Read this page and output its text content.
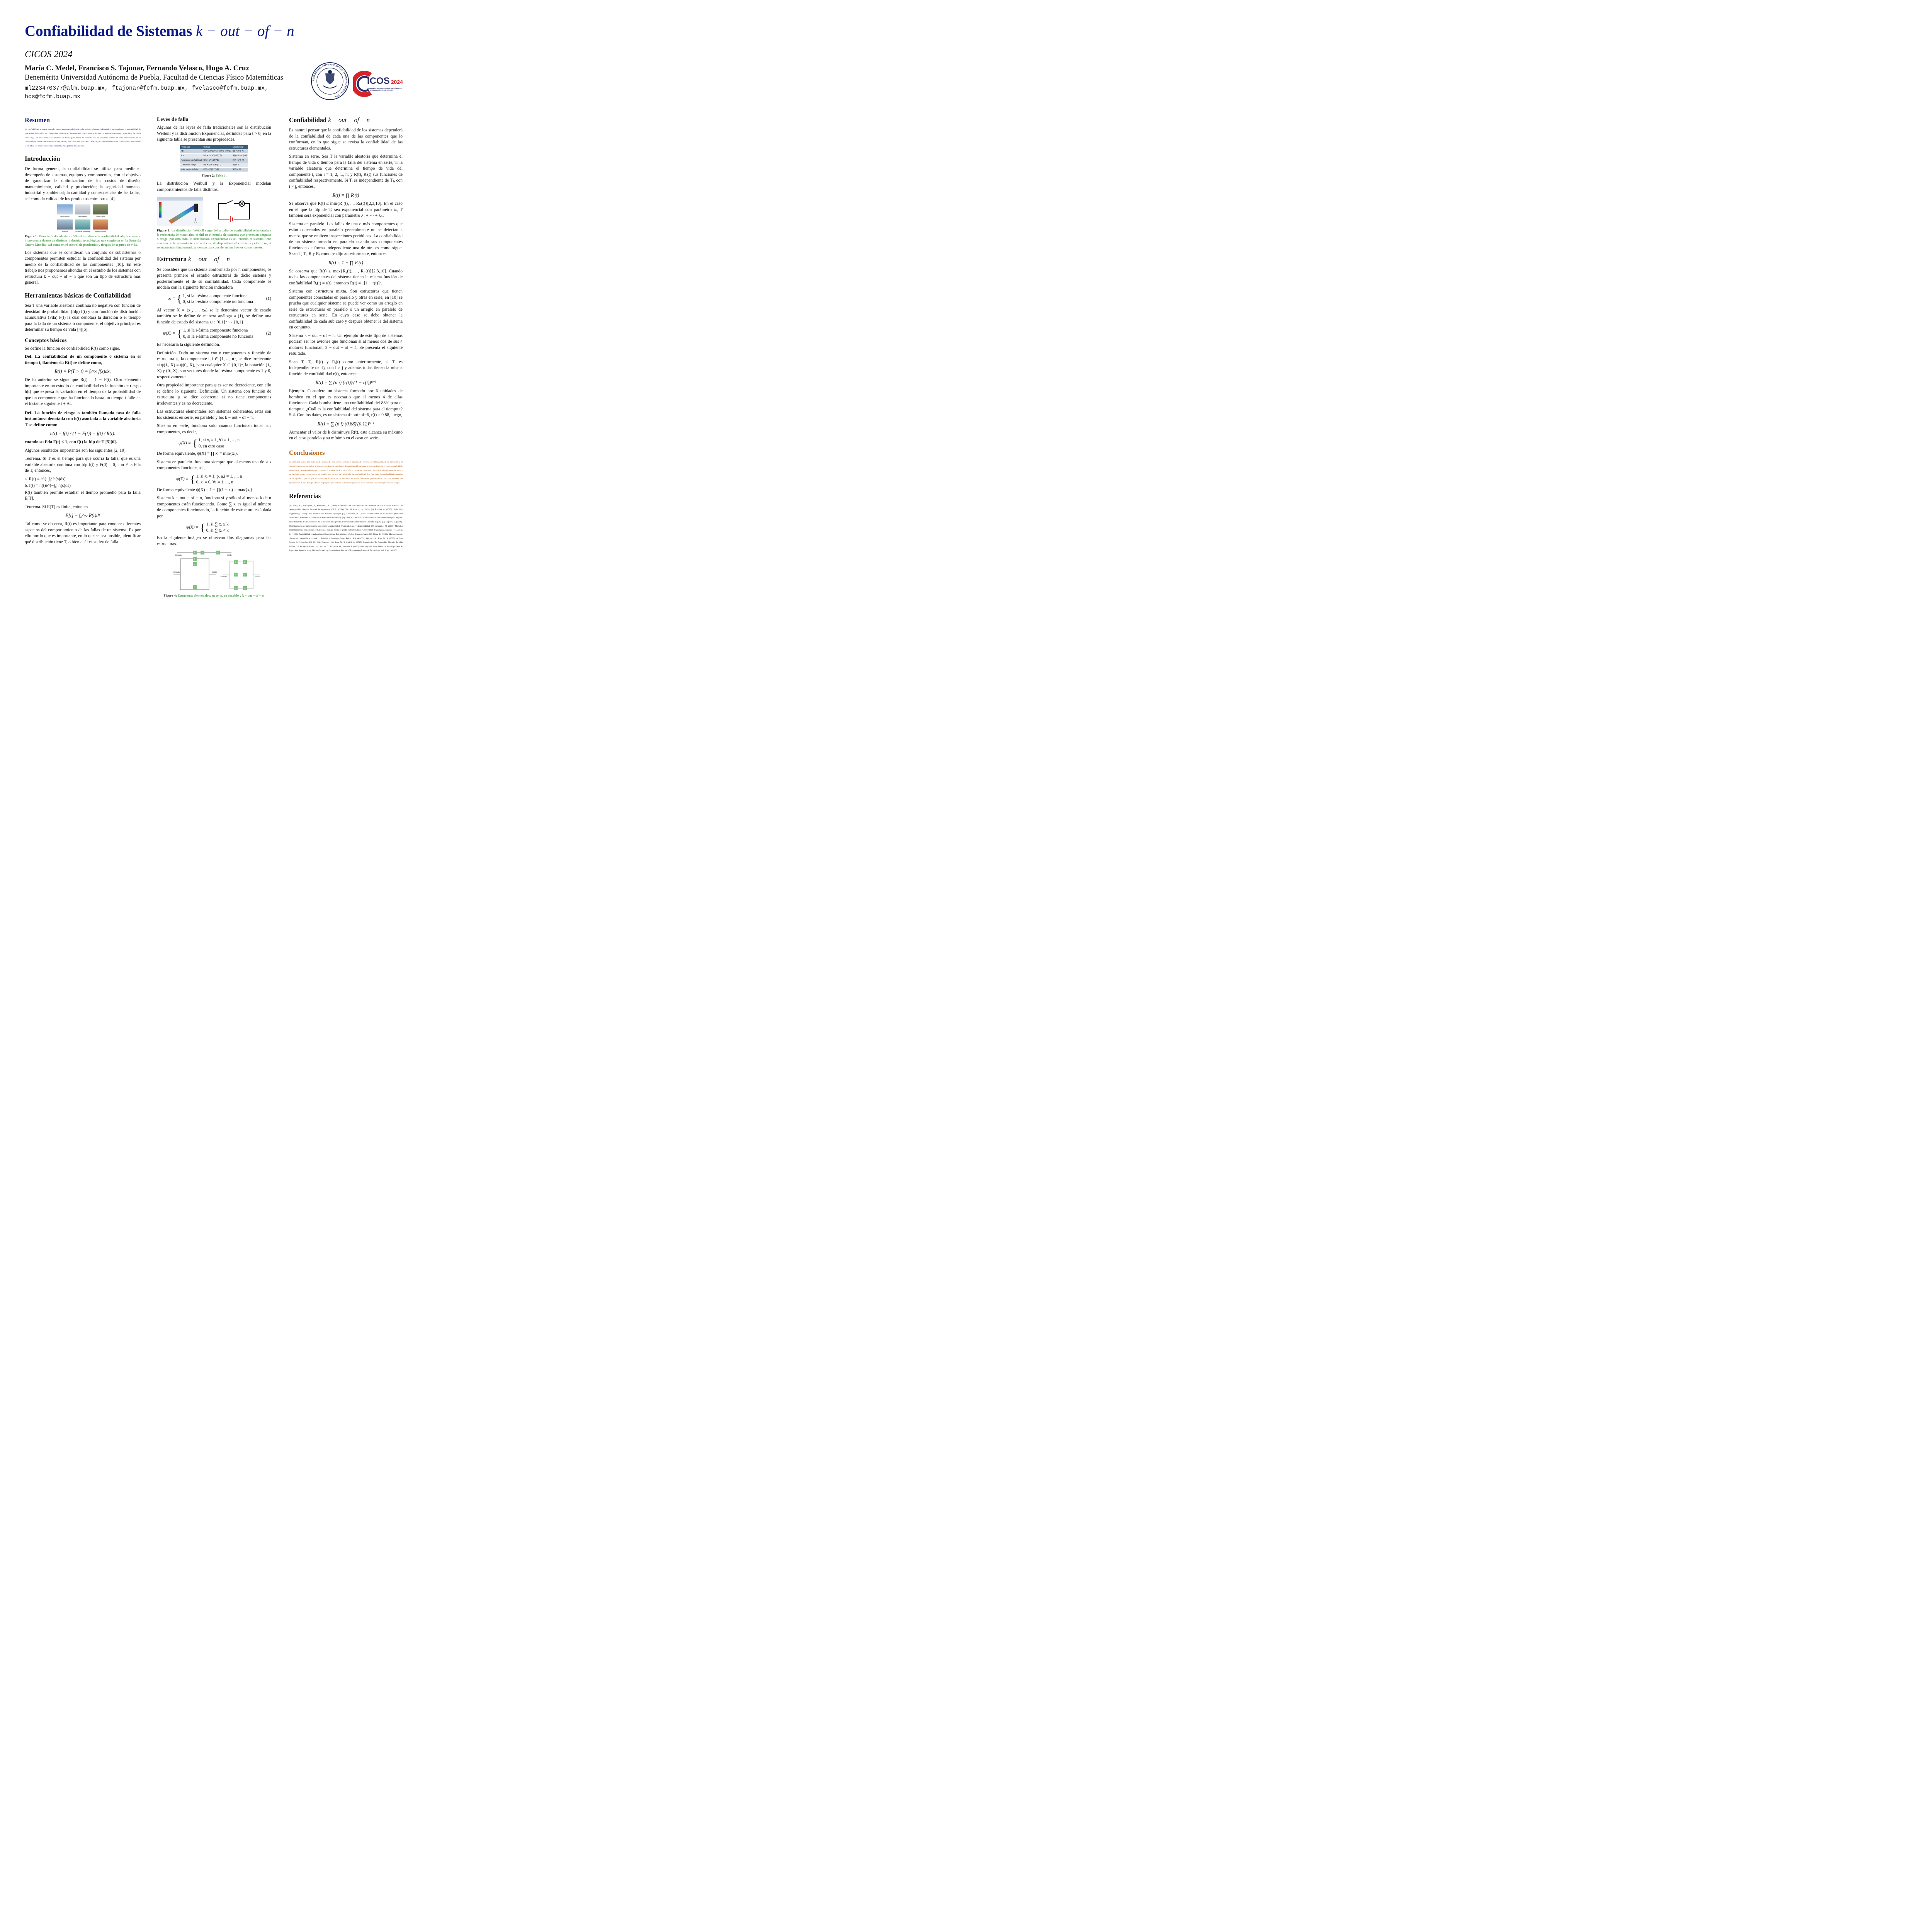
Confiabilidad de Sistemas k − out − of − n
CICOS 2024
María C. Medel, Francisco S. Tajonar, Fernando Velasco, Hugo A. Cruz
Benemérita Universidad Autónoma de Puebla, Facultad de Ciencias Físico Matemáticas
ml223470377@alm.buap.mx, ftajonar@fcfm.buap.mx, fvelasco@fcfm.buap.mx,
hcs@fcfm.buap.mx
BENEMÉRITA UNIVERSIDAD AUTÓNOMA DE PUEBLA · 1578
ICOS 2024
CONGRESO INTERNACIONAL DE CÓMPUTO
EN OPTIMIZACIÓN Y SOFTWARE
Resumen
La confiabilidad se puede entender como una característica de todo artículo, sistema o dispositivo, expresada por la probabilidad de que realice la función para la que fue diseñado en determinadas condiciones y durante un intervalo de tiempo específico, denotada como R(t). En este trabajo se estudiará la forma para medir la confiabilidad de sistemas cuando se tiene información de la confiabilidad de sus subsistemas o componentes, y se conoce su estructura. Además, se realiza el estudio de confiabilidad de sistemas k-out-of-n, los cuales poseen una estructura más general de conexión.
Introducción

De forma general, la confiabilidad se utiliza para medir el desempeño de sistemas, equipos y componentes, con el objetivo de garantizar la optimización de los costos de diseño, mantenimiento, calidad y producción; la seguridad humana, industrial y ambiental; la cantidad y consecuencias de las fallas; así como la calidad de los productos entre otros [4].

Aeroespacial	Aeronáutica	Equipo militar
Energía	Control de pandemias	Seguros de vida
Figure 1: Durante la década de los 50's el estudio de la confiabilidad adquirió mayor importancia dentro de distintas industrias tecnológicas que surgieron en la Segunda Guerra Mundial, así como en el control de pandemias y riesgos de seguros de vida.

Los sistemas que se consideran un conjunto de subsistemas o componentes permiten estudiar la confiabilidad del sistema por medio de la confiabilidad de las componentes [10]. En este trabajo nos proponemos ahondar en el estudio de los sistemas con estructura k − out − of − n que son un tipo de estructura más general.

Herramientas básicas de Confiabilidad

Sea T una variable aleatoria continua no negativa con función de densidad de probabilidad (fdp) f(t) y con función de distribución acumulativa (Fda) F(t) la cual denotará la duración o el tiempo para la falla de un sistema o componente, el objetivo principal es determinar su tiempo de vida [4][5].

Conceptos básicos

Se define la función de confiabilidad R(t) como sigue.

Def. La confiabilidad de un componente o sistema en el tiempo t, llamémosla R(t) se define como,

R(t) = P(T > t) = ∫ₜ^∞ f(x)dx.

De lo anterior se sigue que R(t) = 1 − F(t). Otro elemento importante en un estudio de confiabilidad es la función de riesgo h(t) que expresa la variación en el tiempo de la probabilidad de que un componente que ha funcionado hasta un tiempo t falle en el instante siguiente t + Δt.

Def. La función de riesgo o también llamada tasa de falla instantánea denotada con h(t) asociada a la variable aleatoria T se define como:

h(t) = f(t) / (1 − F(t)) = f(t) / R(t).

cuando su Fda F(t) < 1, con f(t) la fdp de T [5][6].

Algunos resultados importantes son los siguientes [2, 10].

Teorema. Si T es el tiempo para que ocurra la falla, que es una variable aleatoria continua con fdp f(t) y F(0) = 0, con F la Fda de T, entonces,

a. R(t) = e^(−∫₀ᵗ h(s)ds)

b. f(t) = h(t)e^(−∫₀ᵗ h(s)ds)

R(t) también permite estudiar el tiempo promedio para la falla E[T].

Teorema. Si E[T] es finita, entonces

E[t] = ∫₀^∞ R(t)dt

Tal como se observa, R(t) es importante para conocer diferentes aspectos del comportamiento de las fallas de un sistema. Es por ello por lo que es importante, en lo que se sea posible, identificar qué distribución tiene T, o bien cuál es su ley de falla.

Leyes de falla

Algunas de las leyes de falla tradicionales son la distribución Weibull y la distribución Exponencial, definidas para t > 0, en la siguiente tabla se presentan sus propiedades.

Propiedad	Weibull	Exponencial
fdp	f(t) = (β/θ^β) t^(β−1) e^(−(t/θ)^β)	f(t) = λe^(−λt)
Fda	F(t) = 1 − e^(−(t/θ)^β)	F(t) = 1 − e^(−λt)
Función de confiabilidad	R(t) = e^(−(t/θ)^β)	R(t) = e^(−λt)
Función de riesgo	h(t) = (β/θ^β) t^(β−1)	h(t) = λ
Valor medio de falla	E[T] = (θ/β) Γ(1/β)	E(T) = 1/λ
Figure 2: Tabla 1.

La distribución Weibull y la Exponencial modelan comportamientos de falla distintos.

Figure 3: La distribución Weibull surge del estudio de confiabilidad relacionada a la resistencia de materiales, es útil en el estudio de sistemas que presentan desgaste o fatiga, por otro lado, la distribución Exponencial es útil cuando el sistema tiene una tasa de falla constante, como el caso de dispositivos electrónicos y eléctricos, si se encuentran funcionando al tiempo t se consideran tan buenos como nuevos.
Estructura k − out − of − n

Se considera que un sistema conformado por n componentes, se presenta primero el estudio estructural de dicho sistema y posteriormente el de su confiabilidad. Cada componente se modela con la siguiente función indicadora

xᵢ = { 1, si la i-ésima componente funciona
0, si la i-ésima componente no funciona
(1)

Al vector X = (x₁, ..., xₙ) se le denomina vector de estado también se le define de manera análoga a (1), se define una función de estado del sistema ψ : {0,1}ⁿ → {0,1}.

ψ(X) = { 1, si la i-ésima componente funciona
0, si la i-ésima componente no funciona
(2)

Es necesaria la siguiente definición.

Definición. Dado un sistema con n componentes y función de estructura ψ, la componente i, i ∈ {1, ..., n}, se dice irrelevante si ψ(1ᵢ, X) = ψ(0ᵢ, X), para cualquier X ∈ {0,1}ⁿ, la notación (1ᵢ, X) y (0ᵢ, X), son vectores donde la i-ésima componente es 1 y 0, respectivamente.

Otra propiedad importante para ψ es ser no decreciente, con ello se define lo siguiente. Definición. Un sistema con función de estructuta ψ se dice coherente si no tiene componentes irrelevantes y es no decreciente.

Las estructuras elementales son sistemas coherentes, estas son los sistemas en serie, en paralelo y los k − out − of − n.

Sistema en serie, funciona solo cuando funcionan todas sus componentes, es decir,

ψ(X) = { 1, si xᵢ = 1, ∀i = 1, ..., n
0, en otro caso

De forma equivalente, ψ(X) = ∏ xᵢ = min{xᵢ}.

Sistema en paralelo. funciona siempre que al menos una de sus componentes funcione, así,

ψ(X) = { 1, si xᵢ = 1, p. a.i = 1, ..., n
0, xᵢ = 0, ∀i = 1, ..., n

De forma equivalente ψ(X) = 1 − ∏(1 − xᵢ) = max{xᵢ}.

Sistema k − out − of − n, funciona sí y sólo sí al menos k de n componentes están funcionando. Como ∑ xᵢ es igual al número de componentes funcionando, la función de estructura está dada por

ψ(X) = { 1, si ∑ xᵢ ≥ k
0, si ∑ xᵢ < k

En la siguiente imágen se observan llos diagramas para las estructuras.

1	2	n
Entrada	Salida
1
2
⋮
n
Entrada	Salida
1	2
1	3
2	3
Entrada	Salida
Figure 4: Estructuras elementales: en serie, en paralelo y k − out − of − n.
Confiabilidad k − out − of − n

Es natural pensar que la confiabilidad de los sistemas dependerá de la confiabilidad de cada una de las componentes que lo conforman, en lo que sigue se revisa la confiabilidad de las estructuras elementales.

Sistema en serie. Sea T la variable aleatoria que determina el tiempo de vida o tiempo para la falla del sistema en serie, Tᵢ la variable aleatoria que determina el tiempo de vida del componente i, con i = 1, 2, ..., n; y R(t), Rᵢ(t) sus funciones de confiabilidad respectivamente. Si Tᵢ es independiente de Tⱼ, con i ≠ j, entonces,

R(t) = ∏ Rᵢ(t)

Se observa que R(t) ≤ min{R₁(t), ..., Rₙ(t)}[2,3,10]. En el caso en el que la fdp de Tᵢ sea exponencial con parámetro λᵢ, T también será exponencial con parámetro λ₁ + ··· + λₙ.

Sistema en paralelo. Las fallas de una o más componentes que están conectados en paralelo generalmente no se detectan a menos que se realicen inspecciones periódicas. La confiabilidad de un sistema armado en paralelo cuando sus componentes funcionan de forma independiente una de otra es como sigue. Sean T, Tᵢ, R y Rᵢ como se dijo anteriormente, entonces

R(t) = 1 − ∏ Fᵢ(t)

Se observa que R(t) ≥ max{R₁(t), ..., Rₙ(t)}[2,3,10]. Cuando todas las componentes del sistema tienen la misma función de confiabilidad Rᵢ(t) = r(t), entonces R(t) = 1[1 − r(t)]ⁿ.

Sistema con estructura mixta. Son estructuras que tienen componentes conectadas en paralelo y otras en serie, en [10] se prueba que cualquier sistema se puede ver como un arreglo en serie de estructuras en paralelo o un arreglo en paralelo de estructuras en serie. En cuyo caso se debe obtener la confiabilidad de cada sub caso y después obtener la del sistema en conjunto.

Sistema k − out − of − n. Un ejemplo de este tipo de sistemas podrían ser los aviones que funcionan si al menos dos de sus 4 motores funcionan, 2 − out − of − 4. Se presenta el siguiente resultado.

Sean T, Tᵢ, R(t) y Rᵢ(t) como anteriormente, si Tᵢ es independiente de Tⱼ, con i ≠ j y además todas tienen la misma función de confiabilidad r(t), entonces:

R(t) = ∑ (n i) (r(t))ⁱ(1 − r(t))ⁿ⁻ⁱ

Ejemplo. Considere un sistema formado por 6 unidades de bombeo en el que es necesario que al menos 4 de ellas funcionen. Cada bomba tiene una confiabilidad del 88% para el tiempo t. ¿Cuál es la confiabilidad del sistema para el tiempo t? Sol. Con los datos, es un sistema 4−out−of−6, r(t) = 0.88, luego,

R(t) = ∑ (6 i) (0.88)ⁱ(0.12)⁶⁻ⁱ

Aumentar el valor de k disminuye R(t), esta alcanza su máximo en el caso paralelo y su mínimo en el caso en serie.

Conclusiones
La confiabilidad es una función del diseño del dispositivo, sistema o equipo, del proceso de fabricación, de la operación y el mantenimiento que se realice al dispositivo, sistema o equipo; y de otras consideraciones de ingeniería como el costo, complejidad, el tamaño y peso real del equipo o sistema. Los sistemas k − out − of − n contienen como caso particular a los sistemas en serie y en paralelo, son en consecuencia un modelo más general para el estudio de confiabilidad. Las funciones de confiabilidad dependen de la fdp de T, por lo que es importante ahondar en los modelos de ajuste, aunque es posible optar por otros métodos no paramétricos. Como trabajo a futuro se propone profundizar en la investigación de estos sistemas con investigaciones de campo.
Referencias
[1]. Béra, R., Rodríguez, J., Hernández, J. (2003). Evaluación de confiabilidad de sistemas de distribución eléctrica en desregulación. Revista facultad de ingeniería, U.T.A. (Chile), Vol. 11 num. 1, pp. 33-39. [2]. Birolini, A. (2017). Reliability Engineering: Theory and Practice. 8th Edición. Springer. [3]. Contreras, R. (2022). Confiabilidad en la industria (Doctoral dissertation, Benemérita Universidad Autónoma de Puebla). [4]. Díaz, C. (2018) La confiabilidad como herramienta para mejorar el alistamiento de las aeronaves de la aviación del ejército. Universidad Militar Nueva Granada. España [5]. Espinel, E. (2016). Distribuciones no tradicionales para medir confiabilidad, Mantenibilidad y disponibilidad. [6]. Jaramillo, M. (2019) Modelos probabilísticos y estadísticos en fiabilidad. Trabajo de fin de grado en Matemáticas. Universidad de Zaragoza. España. [7]. Meyer, P., (1992): Probabilidad y Aplicaciones Estadísticas. Ed. Addison-Wesley Iberoamericana. [8]. Mora, L. (2009). Mantenimiento, planeación, ejecución y control. 1ª Edición. Alfaomega Grupo Editor, S.A. de C.V., México. [9]. Ross, M. S. (2023). A First Course In Probability. Ed. 10, Edit. Pearson. [10]. Ross, M. S. And R. A. (2019). Introduction To Probability Models. Twelfth Edition, Ed. Academic Press. [11]. Saritha, G., Tirumala, M., Sumathi, T. (2020) Reliability and Availability for Non-Repairable & Repairable Systems using Markov Modelling. International Journal of Engineering Research Technology. Vol. 2, pp. 169-174.
